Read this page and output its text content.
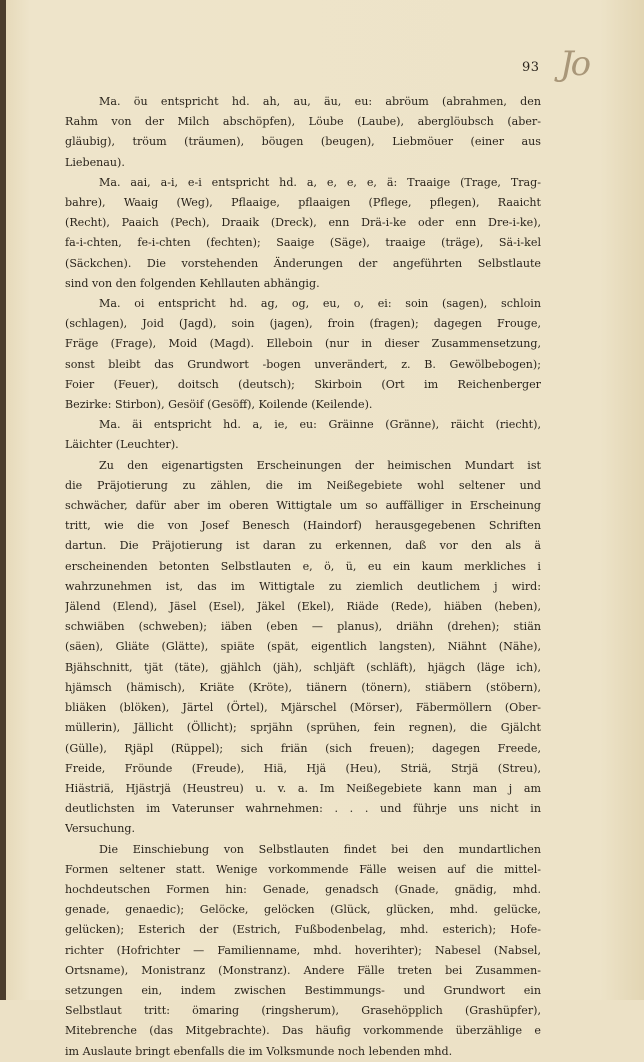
93 Jo
Ma. öu entspricht hd. ah, au, äu, eu: abröum (abrahmen, den
Rahm von der Milch abschöpfen), Löube (Laube), aberglöubsch (aber-
gläubig), tröum (träumen), böugen (beugen), Liebmöuer (einer aus
Liebenau).
Ma. aai, a-i, e-i entspricht hd. a, e, e, e, ä: Traaige (Trage, Trag-
bahre), Waaig (Weg), Pflaaige, pflaaigen (Pflege, pflegen), Raaicht
(Recht), Paaich (Pech), Draaik (Dreck), enn Drä-i-ke oder enn Dre-i-ke),
fa-i-chten, fe-i-chten (fechten); Saaige (Säge), traaige (träge), Sä-i-kel
(Säckchen). Die vorstehenden Änderungen der angeführten Selbstlaute
sind von den folgenden Kehllauten abhängig.
Ma. oi entspricht hd. ag, og, eu, o, ei: soin (sagen), schloin
(schlagen), Joid (Jagd), soin (jagen), froin (fragen); dagegen Frouge,
Fräge (Frage), Moid (Magd). Elleboin (nur in dieser Zusammensetzung,
sonst bleibt das Grundwort -bogen unverändert, z. B. Gewölbebogen);
Foier (Feuer), doitsch (deutsch); Skirboin (Ort im Reichenberger
Bezirke: Stirbon), Gesöif (Gesöff), Koilende (Keilende).
Ma. äi entspricht hd. a, ie, eu: Gräinne (Gränne), räicht (riecht),
Läichter (Leuchter).
Zu den eigenartigsten Erscheinungen der heimischen Mundart ist
die Präjotierung zu zählen, die im Neißegebiete wohl seltener und
schwächer, dafür aber im oberen Wittigtale um so auffälliger in Erscheinung
tritt, wie die von Josef Benesch (Haindorf) herausgegebenen Schriften
dartun. Die Präjotierung ist daran zu erkennen, daß vor den als ä
erscheinenden betonten Selbstlauten e, ö, ü, eu ein kaum merkliches i
wahrzunehmen ist, das im Wittigtale zu ziemlich deutlichem j wird:
Jälend (Elend), Jäsel (Esel), Jäkel (Ekel), Riäde (Rede), hiäben (heben),
schwiäben (schweben); iäben (eben — planus), driähn (drehen); stiän
(säen), Gliäte (Glätte), spiäte (spät, eigentlich langsten), Niähnt (Nähe),
Bjähschnitt, tjät (täte), gjählch (jäh), schljäft (schläft), hjägch (läge ich),
hjämsch (hämisch), Kriäte (Kröte), tiänern (tönern), stiäbern (stöbern),
bliäken (blöken), Järtel (Örtel), Mjärschel (Mörser), Fäbermöllern (Ober-
müllerin), Jällicht (Öllicht); sprjähn (sprühen, fein regnen), die Gjälcht
(Gülle), Rjäpl (Rüppel); sich friän (sich freuen); dagegen Freede,
Freide, Fröunde (Freude), Hiä, Hjä (Heu), Striä, Strjä (Streu),
Hiästriä, Hjästrjä (Heustreu) u. v. a. Im Neißegebiete kann man j am
deutlichsten im Vaterunser wahrnehmen: . . . und führje uns nicht in
Versuchung.
Die Einschiebung von Selbstlauten findet bei den mundartlichen
Formen seltener statt. Wenige vorkommende Fälle weisen auf die mittel-
hochdeutschen Formen hin: Genade, genadsch (Gnade, gnädig, mhd.
genade, genaedic); Gelöcke, gelöcken (Glück, glücken, mhd. gelücke,
gelücken); Esterich der (Estrich, Fußbodenbelag, mhd. esterich); Hofe-
richter (Hofrichter — Familienname, mhd. hoverihter); Nabesel (Nabsel,
Ortsname), Monistranz (Monstranz). Andere Fälle treten bei Zusammen-
setzungen ein, indem zwischen Bestimmungs- und Grundwort ein
Selbstlaut tritt: ömaring (ringsherum), Grasehöpplich (Grashüpfer),
Mitebrenche (das Mitgebrachte). Das häufig vorkommende überzählige e
im Auslaute bringt ebenfalls die im Volksmunde noch lebenden mhd.
